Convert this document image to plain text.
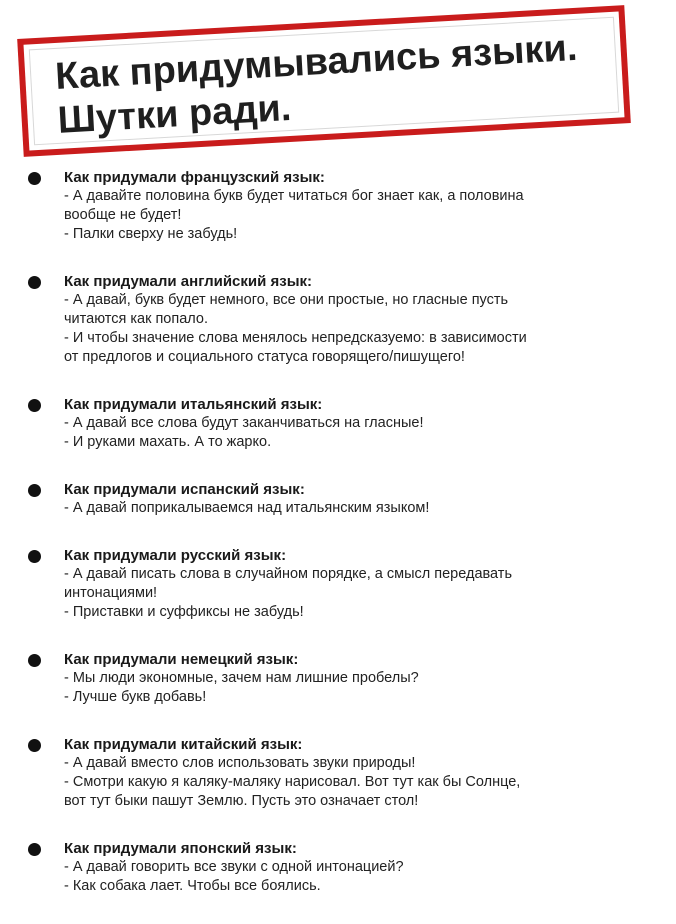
Как придумывались языки.
Шутки ради.
Как придумали французский язык:
- А давайте половина букв будет читаться бог знает как, а половина
вообще не будет!
- Палки сверху не забудь!
Как придумали английский язык:
- А давай, букв будет немного, все они простые, но гласные пусть
читаются как попало.
- И чтобы значение слова менялось непредсказуемо: в зависимости
от предлогов и социального статуса говорящего/пишущего!
Как придумали итальянский язык:
- А давай все слова будут заканчиваться на гласные!
- И руками махать. А то жарко.
Как придумали испанский язык:
- А давай поприкалываемся над итальянским языком!
Как придумали русский язык:
- А давай писать слова в случайном порядке, а смысл передавать
интонациями!
- Приставки и суффиксы не забудь!
Как придумали немецкий язык:
- Мы люди экономные, зачем нам лишние пробелы?
- Лучше букв добавь!
Как придумали китайский язык:
- А давай вместо слов использовать звуки природы!
- Смотри какую я каляку-маляку нарисовал. Вот тут как бы Солнце,
вот тут быки пашут Землю. Пусть это означает стол!
Как придумали японский язык:
- А давай говорить все звуки с одной интонацией?
- Как собака лает. Чтобы все боялись.
